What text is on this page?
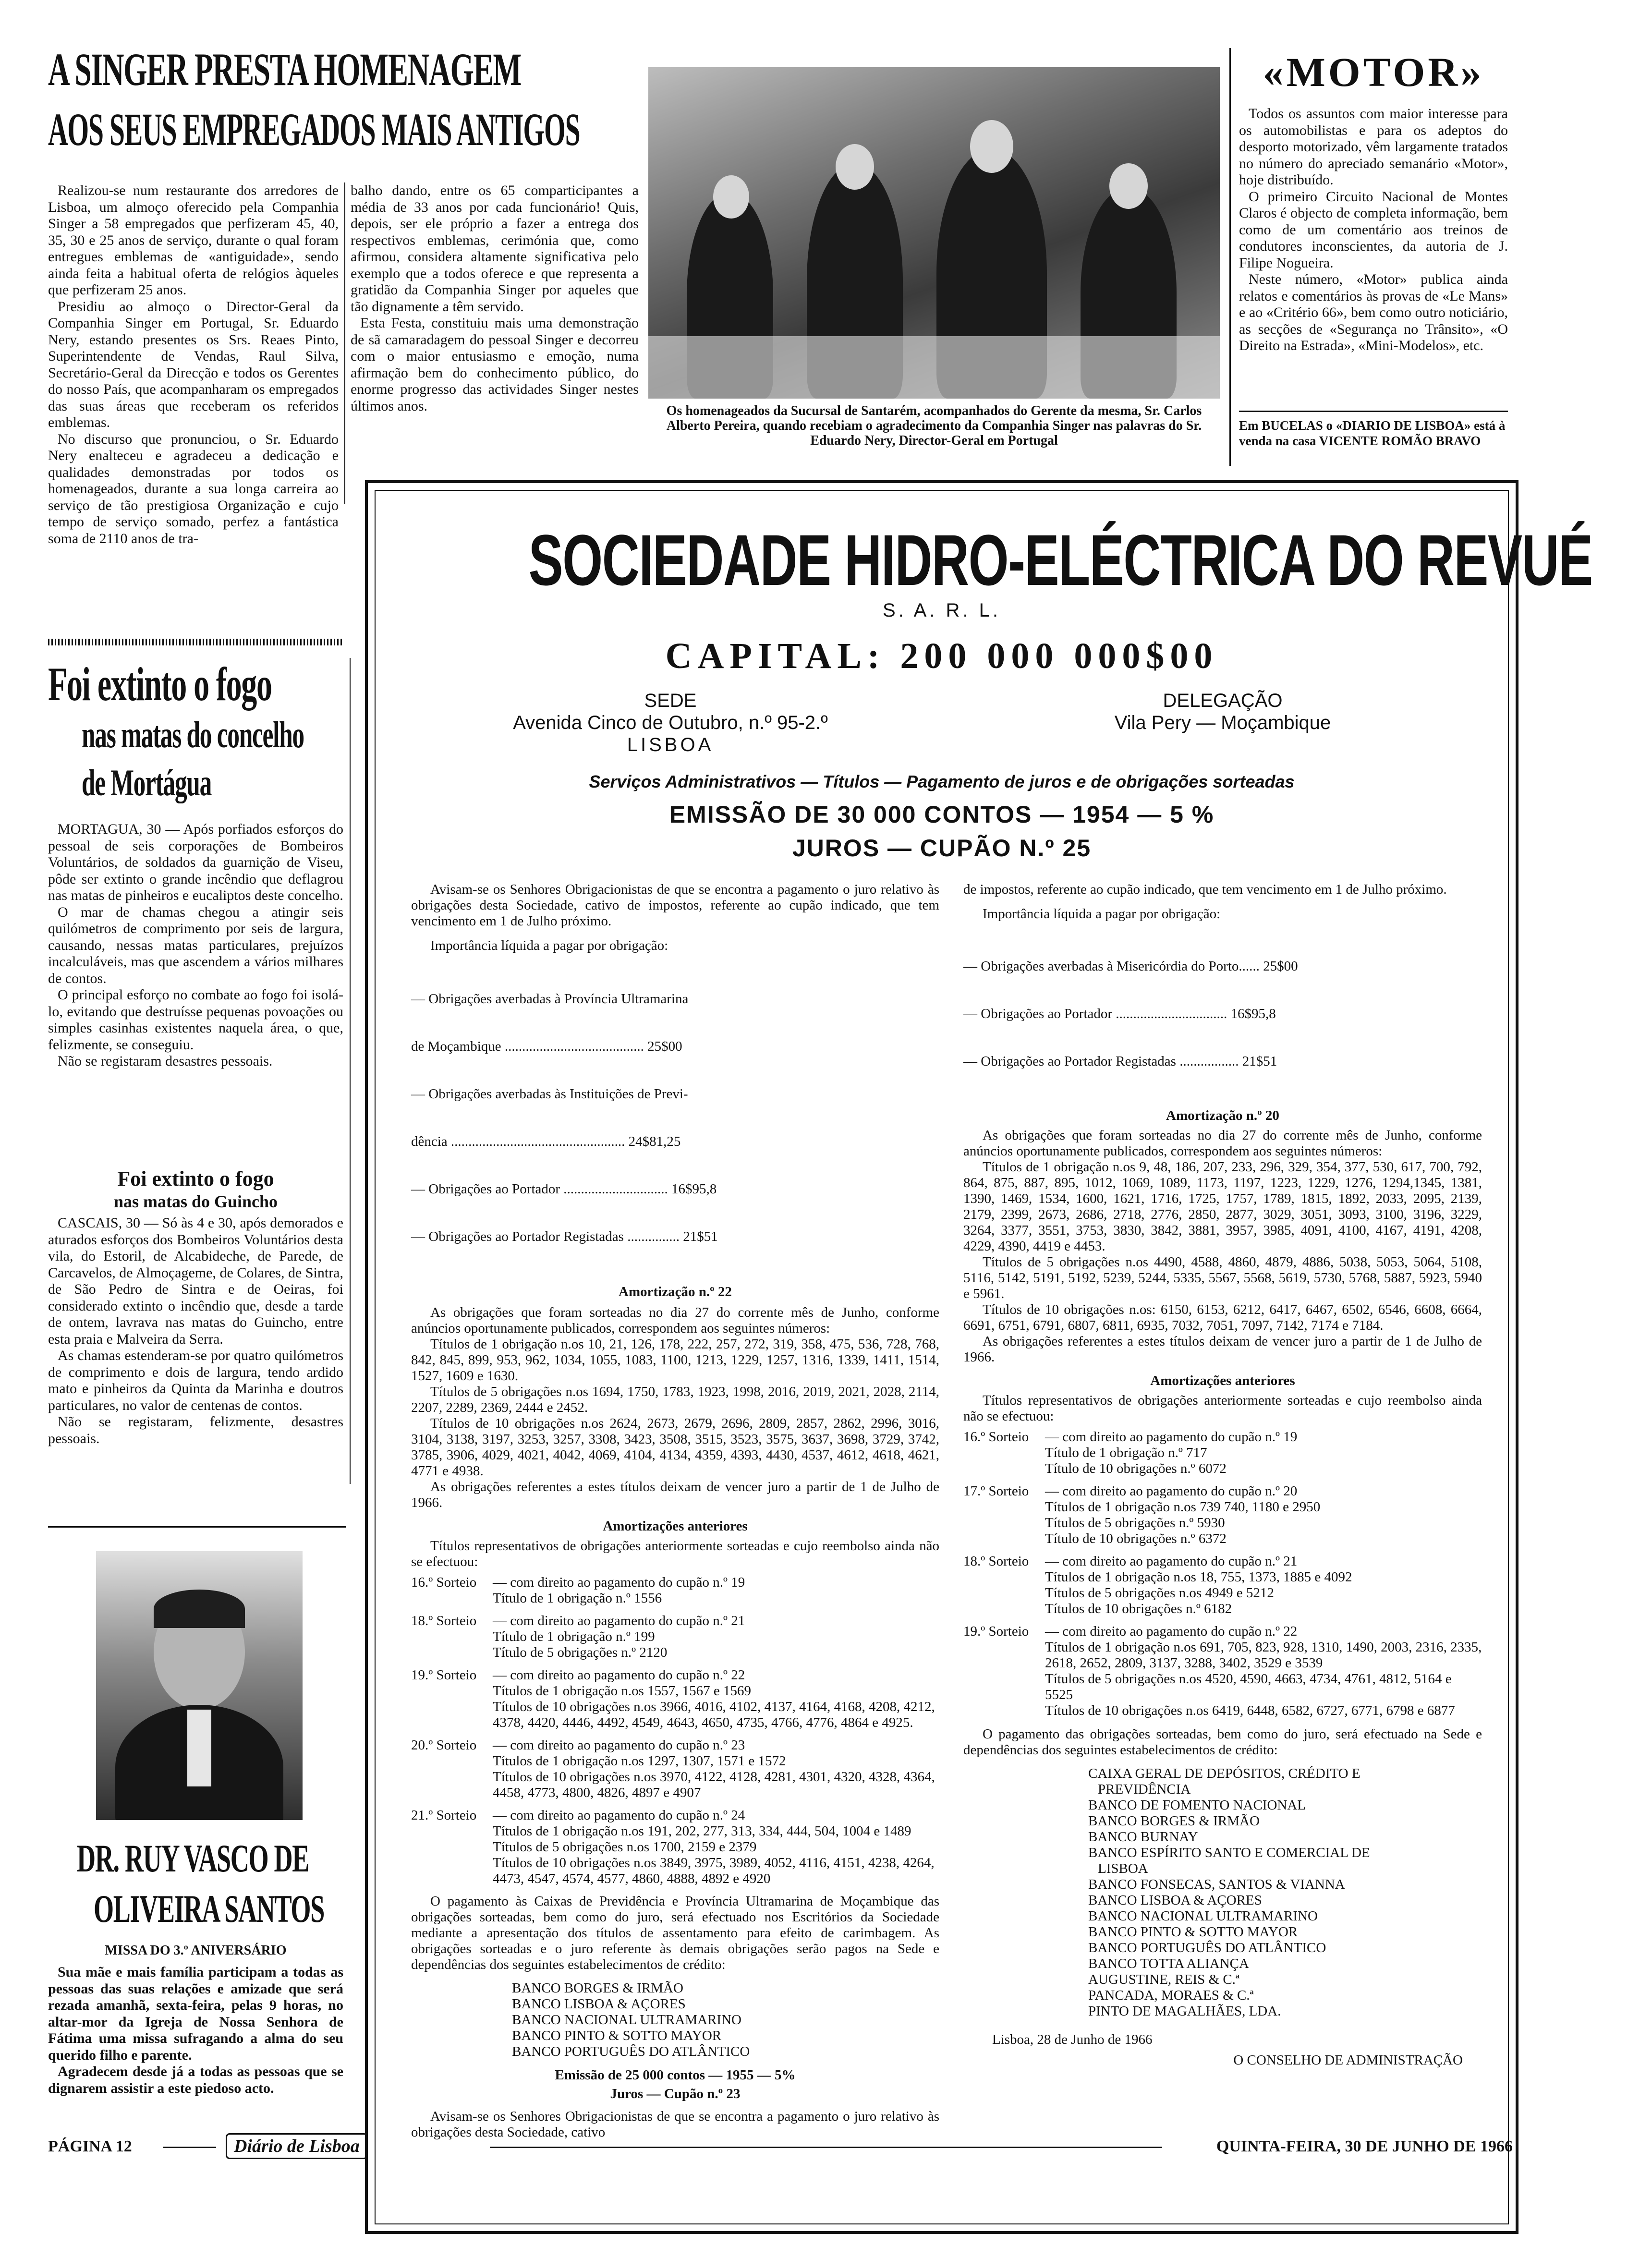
A SINGER PRESTA HOMENAGEM
AOS SEUS EMPREGADOS MAIS ANTIGOS

Realizou-se num restaurante dos arredores de Lisboa, um almoço oferecido pela Companhia Singer a 58 empregados que perfizeram 45, 40, 35, 30 e 25 anos de serviço, durante o qual foram entregues emblemas de «antiguidade», sendo ainda feita a habitual oferta de relógios àqueles que perfizeram 25 anos.

Presidiu ao almoço o Director-Geral da Companhia Singer em Portugal, Sr. Eduardo Nery, estando presentes os Srs. Reaes Pinto, Superintendente de Vendas, Raul Silva, Secretário-Geral da Direcção e todos os Gerentes do nosso País, que acompanharam os empregados das suas áreas que receberam os referidos emblemas.

No discurso que pronunciou, o Sr. Eduardo Nery enalteceu e agradeceu a dedicação e qualidades demonstradas por todos os homenageados, durante a sua longa carreira ao serviço de tão prestigiosa Organização e cujo tempo de serviço somado, perfez a fantástica soma de 2110 anos de tra-

balho dando, entre os 65 comparticipantes a média de 33 anos por cada funcionário! Quis, depois, ser ele próprio a fazer a entrega dos respectivos emblemas, cerimónia que, como afirmou, considera altamente significativa pelo exemplo que a todos oferece e que representa a gratidão da Companhia Singer por aqueles que tão dignamente a têm servido.

Esta Festa, constituiu mais uma demonstração de sã camaradagem do pessoal Singer e decorreu com o maior entusiasmo e emoção, numa afirmação bem do conhecimento público, do enorme progresso das actividades Singer nestes últimos anos.	Os homenageados da Sucursal de Santarém, acompanhados do Gerente da mesma, Sr. Carlos Alberto Pereira, quando recebiam o agradecimento da Companhia Singer nas palavras do Sr. Eduardo Nery, Director-Geral em Portugal
«MOTOR»

Todos os assuntos com maior interesse para os automobilistas e para os adeptos do desporto motorizado, vêm largamente tratados no número do apreciado semanário «Motor», hoje distribuído.

O primeiro Circuito Nacional de Montes Claros é objecto de completa informação, bem como de um comentário aos treinos de condutores inconscientes, da autoria de J. Filipe Nogueira.

Neste número, «Motor» publica ainda relatos e comentários às provas de «Le Mans» e ao «Critério 66», bem como outro noticiário, as secções de «Segurança no Trânsito», «O Direito na Estrada», «Mini-Modelos», etc.

Em BUCELAS o «DIARIO DE LISBOA» está à venda na casa VICENTE ROMÃO BRAVO
Foi extinto o fogo
nas matas do concelho
de Mortágua

MORTAGUA, 30 — Após porfiados esforços do pessoal de seis corporações de Bombeiros Voluntários, de soldados da guarnição de Viseu, pôde ser extinto o grande incêndio que deflagrou nas matas de pinheiros e eucaliptos deste concelho.

O mar de chamas chegou a atingir seis quilómetros de comprimento por seis de largura, causando, nessas matas particulares, prejuízos incalculáveis, mas que ascendem a vários milhares de contos.

O principal esforço no combate ao fogo foi isolá-lo, evitando que destruísse pequenas povoações ou simples casinhas existentes naquela área, o que, felizmente, se conseguiu.

Não se registaram desastres pessoais.

Foi extinto o fogo
nas matas do Guincho

CASCAIS, 30 — Só às 4 e 30, após demorados e aturados esforços dos Bombeiros Voluntários desta vila, do Estoril, de Alcabideche, de Parede, de Carcavelos, de Almoçageme, de Colares, de Sintra, de São Pedro de Sintra e de Oeiras, foi considerado extinto o incêndio que, desde a tarde de ontem, lavrava nas matas do Guincho, entre esta praia e Malveira da Serra.

As chamas estenderam-se por quatro quilómetros de comprimento e dois de largura, tendo ardido mato e pinheiros da Quinta da Marinha e doutros particulares, no valor de centenas de contos.

Não se registaram, felizmente, desastres pessoais.

DR. RUY VASCO DE
OLIVEIRA SANTOS
MISSA DO 3.º ANIVERSÁRIO

Sua mãe e mais família participam a todas as pessoas das suas relações e amizade que será rezada amanhã, sexta-feira, pelas 9 horas, no altar-mor da Igreja de Nossa Senhora de Fátima uma missa sufragando a alma do seu querido filho e parente.

Agradecem desde já a todas as pessoas que se dignarem assistir a este piedoso acto.

SOCIEDADE HIDRO-ELÉCTRICA DO REVUÉ
S. A. R. L.
CAPITAL: 200 000 000$00
SEDE
Avenida Cinco de Outubro, n.º 95-2.º
LISBOA
DELEGAÇÃO
Vila Pery — Moçambique
Serviços Administrativos — Títulos — Pagamento de juros e de obrigações sorteadas
EMISSÃO DE 30 000 CONTOS — 1954 — 5 %
JUROS — CUPÃO N.º 25
Avisam-se os Senhores Obrigacionistas de que se encontra a pagamento o juro relativo às obrigações desta Sociedade, cativo de impostos, referente ao cupão indicado, que tem vencimento em 1 de Julho próximo.
Importância líquida a pagar por obrigação:

— Obrigações averbadas à Província Ultramarina

de Moçambique ........................................ 25$00

— Obrigações averbadas às Instituições de Previ-

dência .................................................. 24$81,25

— Obrigações ao Portador .............................. 16$95,8

— Obrigações ao Portador Registadas ............... 21$51

Amortização n.º 22
As obrigações que foram sorteadas no dia 27 do corrente mês de Junho, conforme anúncios oportunamente publicados, correspondem aos seguintes números:
Títulos de 1 obrigação n.os 10, 21, 126, 178, 222, 257, 272, 319, 358, 475, 536, 728, 768, 842, 845, 899, 953, 962, 1034, 1055, 1083, 1100, 1213, 1229, 1257, 1316, 1339, 1411, 1514, 1527, 1609 e 1630.
Títulos de 5 obrigações n.os 1694, 1750, 1783, 1923, 1998, 2016, 2019, 2021, 2028, 2114, 2207, 2289, 2369, 2444 e 2452.
Títulos de 10 obrigações n.os 2624, 2673, 2679, 2696, 2809, 2857, 2862, 2996, 3016, 3104, 3138, 3197, 3253, 3257, 3308, 3423, 3508, 3515, 3523, 3575, 3637, 3698, 3729, 3742, 3785, 3906, 4029, 4021, 4042, 4069, 4104, 4134, 4359, 4393, 4430, 4537, 4612, 4618, 4621, 4771 e 4938.
As obrigações referentes a estes títulos deixam de vencer juro a partir de 1 de Julho de 1966.
Amortizações anteriores
Títulos representativos de obrigações anteriormente sorteadas e cujo reembolso ainda não se efectuou:
16.º Sorteio	— com direito ao pagamento do cupão n.º 19
Título de 1 obrigação n.º 1556
18.º Sorteio	— com direito ao pagamento do cupão n.º 21
Título de 1 obrigação n.º 199
Título de 5 obrigações n.º 2120
19.º Sorteio	— com direito ao pagamento do cupão n.º 22
Títulos de 1 obrigação n.os 1557, 1567 e 1569
Títulos de 10 obrigações n.os 3966, 4016, 4102, 4137, 4164, 4168, 4208, 4212, 4378, 4420, 4446, 4492, 4549, 4643, 4650, 4735, 4766, 4776, 4864 e 4925.
20.º Sorteio	— com direito ao pagamento do cupão n.º 23
Títulos de 1 obrigação n.os 1297, 1307, 1571 e 1572
Títulos de 10 obrigações n.os 3970, 4122, 4128, 4281, 4301, 4320, 4328, 4364, 4458, 4773, 4800, 4826, 4897 e 4907
21.º Sorteio	— com direito ao pagamento do cupão n.º 24
Títulos de 1 obrigação n.os 191, 202, 277, 313, 334, 444, 504, 1004 e 1489
Títulos de 5 obrigações n.os 1700, 2159 e 2379
Títulos de 10 obrigações n.os 3849, 3975, 3989, 4052, 4116, 4151, 4238, 4264, 4473, 4547, 4574, 4577, 4860, 4888, 4892 e 4920
O pagamento às Caixas de Previdência e Província Ultramarina de Moçambique das obrigações sorteadas, bem como do juro, será efectuado nos Escritórios da Sociedade mediante a apresentação dos títulos de assentamento para efeito de carimbagem. As obrigações sorteadas e o juro referente às demais obrigações serão pagos na Sede e dependências dos seguintes estabelecimentos de crédito:
BANCO BORGES & IRMÃO
BANCO LISBOA & AÇORES
BANCO NACIONAL ULTRAMARINO
BANCO PINTO & SOTTO MAYOR
BANCO PORTUGUÊS DO ATLÂNTICO
Emissão de 25 000 contos — 1955 — 5%
Juros — Cupão n.º 23
Avisam-se os Senhores Obrigacionistas de que se encontra a pagamento o juro relativo às obrigações desta Sociedade, cativo
de impostos, referente ao cupão indicado, que tem vencimento em 1 de Julho próximo.
Importância líquida a pagar por obrigação:

— Obrigações averbadas à Misericórdia do Porto...... 25$00

— Obrigações ao Portador ................................ 16$95,8

— Obrigações ao Portador Registadas ................. 21$51

Amortização n.º 20
As obrigações que foram sorteadas no dia 27 do corrente mês de Junho, conforme anúncios oportunamente publicados, correspondem aos seguintes números:
Títulos de 1 obrigação n.os 9, 48, 186, 207, 233, 296, 329, 354, 377, 530, 617, 700, 792, 864, 875, 887, 895, 1012, 1069, 1089, 1173, 1197, 1223, 1229, 1276, 1294,1345, 1381, 1390, 1469, 1534, 1600, 1621, 1716, 1725, 1757, 1789, 1815, 1892, 2033, 2095, 2139, 2179, 2399, 2673, 2686, 2718, 2776, 2850, 2877, 3029, 3051, 3093, 3100, 3196, 3229, 3264, 3377, 3551, 3753, 3830, 3842, 3881, 3957, 3985, 4091, 4100, 4167, 4191, 4208, 4229, 4390, 4419 e 4453.
Títulos de 5 obrigações n.os 4490, 4588, 4860, 4879, 4886, 5038, 5053, 5064, 5108, 5116, 5142, 5191, 5192, 5239, 5244, 5335, 5567, 5568, 5619, 5730, 5768, 5887, 5923, 5940 e 5961.
Títulos de 10 obrigações n.os: 6150, 6153, 6212, 6417, 6467, 6502, 6546, 6608, 6664, 6691, 6751, 6791, 6807, 6811, 6935, 7032, 7051, 7097, 7142, 7174 e 7184.
As obrigações referentes a estes títulos deixam de vencer juro a partir de 1 de Julho de 1966.
Amortizações anteriores
Títulos representativos de obrigações anteriormente sorteadas e cujo reembolso ainda não se efectuou:
16.º Sorteio	— com direito ao pagamento do cupão n.º 19
Título de 1 obrigação n.º 717
Título de 10 obrigações n.º 6072
17.º Sorteio	— com direito ao pagamento do cupão n.º 20
Títulos de 1 obrigação n.os 739 740, 1180 e 2950
Títulos de 5 obrigações n.º 5930
Título de 10 obrigações n.º 6372
18.º Sorteio	— com direito ao pagamento do cupão n.º 21
Títulos de 1 obrigação n.os 18, 755, 1373, 1885 e 4092
Títulos de 5 obrigações n.os 4949 e 5212
Títulos de 10 obrigações n.º 6182
19.º Sorteio	— com direito ao pagamento do cupão n.º 22
Títulos de 1 obrigação n.os 691, 705, 823, 928, 1310, 1490, 2003, 2316, 2335, 2618, 2652, 2809, 3137, 3288, 3402, 3529 e 3539
Títulos de 5 obrigações n.os 4520, 4590, 4663, 4734, 4761, 4812, 5164 e 5525
Títulos de 10 obrigações n.os 6419, 6448, 6582, 6727, 6771, 6798 e 6877
O pagamento das obrigações sorteadas, bem como do juro, será efectuado na Sede e dependências dos seguintes estabelecimentos de crédito:
CAIXA GERAL DE DEPÓSITOS, CRÉDITO E
PREVIDÊNCIA
BANCO DE FOMENTO NACIONAL
BANCO BORGES & IRMÃO
BANCO BURNAY
BANCO ESPÍRITO SANTO E COMERCIAL DE
LISBOA
BANCO FONSECAS, SANTOS & VIANNA
BANCO LISBOA & AÇORES
BANCO NACIONAL ULTRAMARINO
BANCO PINTO & SOTTO MAYOR
BANCO PORTUGUÊS DO ATLÂNTICO
BANCO TOTTA ALIANÇA
AUGUSTINE, REIS & C.ª
PANCADA, MORAES & C.ª
PINTO DE MAGALHÃES, LDA.
Lisboa, 28 de Junho de 1966
O CONSELHO DE ADMINISTRAÇÃO
PÁGINA 12	Diário de Lisboa	QUINTA-FEIRA, 30 DE JUNHO DE 1966
